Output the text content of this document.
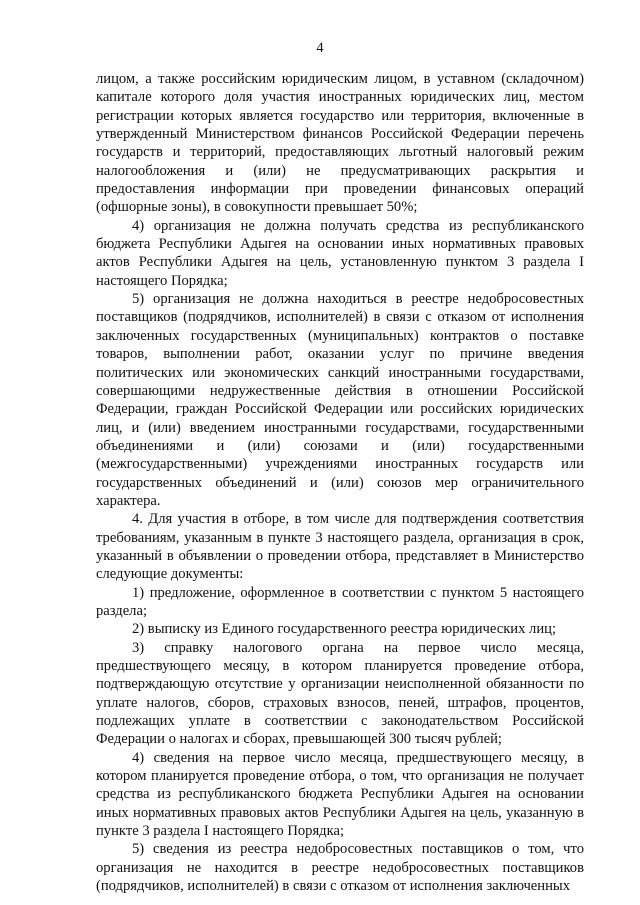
4

лицом, а также российским юридическим лицом, в уставном (складочном) капитале которого доля участия иностранных юридических лиц, местом регистрации которых является государство или территория, включенные в утвержденный Министерством финансов Российской Федерации перечень государств и территорий, предоставляющих льготный налоговый режим налогообложения и (или) не предусматривающих раскрытия и предоставления информации при проведении финансовых операций (офшорные зоны), в совокупности превышает 50%;

4) организация не должна получать средства из республиканского бюджета Республики Адыгея на основании иных нормативных правовых актов Республики Адыгея на цель, установленную пунктом 3 раздела I настоящего Порядка;

5) организация не должна находиться в реестре недобросовестных поставщиков (подрядчиков, исполнителей) в связи с отказом от исполнения заключенных государственных (муниципальных) контрактов о поставке товаров, выполнении работ, оказании услуг по причине введения политических или экономических санкций иностранными государствами, совершающими недружественные действия в отношении Российской Федерации, граждан Российской Федерации или российских юридических лиц, и (или) введением иностранными государствами, государственными объединениями и (или) союзами и (или) государственными (межгосударственными) учреждениями иностранных государств или государственных объединений и (или) союзов мер ограничительного характера.

4. Для участия в отборе, в том числе для подтверждения соответствия требованиям, указанным в пункте 3 настоящего раздела, организация в срок, указанный в объявлении о проведении отбора, представляет в Министерство следующие документы:

1) предложение, оформленное в соответствии с пунктом 5 настоящего раздела;

2) выписку из Единого государственного реестра юридических лиц;

3) справку налогового органа на первое число месяца, предшествующего месяцу, в котором планируется проведение отбора, подтверждающую отсутствие у организации неисполненной обязанности по уплате налогов, сборов, страховых взносов, пеней, штрафов, процентов, подлежащих уплате в соответствии с законодательством Российской Федерации о налогах и сборах, превышающей 300 тысяч рублей;

4) сведения на первое число месяца, предшествующего месяцу, в котором планируется проведение отбора, о том, что организация не получает средства из республиканского бюджета Республики Адыгея на основании иных нормативных правовых актов Республики Адыгея на цель, указанную в пункте 3 раздела I настоящего Порядка;

5) сведения из реестра недобросовестных поставщиков о том, что организация не находится в реестре недобросовестных поставщиков (подрядчиков, исполнителей) в связи с отказом от исполнения заключенных
